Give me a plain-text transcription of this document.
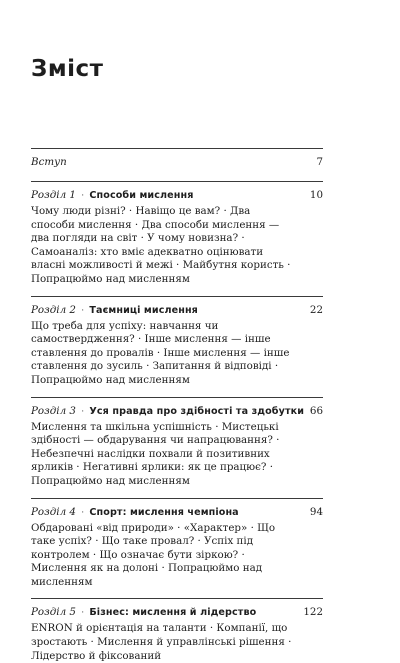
Зміст
Вступ	7
Розділ 1 · Способи мислення	10

Чому люди різні? · Навіщо це вам? · Два способи мислення · Два способи мислення — два погляди на світ · У чому новизна? · Самоаналіз: хто вміє адекватно оцінювати власні можливості й межі · Майбутня користь · Попрацюймо над мисленням

Розділ 2 · Таємниці мислення	22

Що треба для успіху: навчання чи самоствердження? · Інше мислення — інше ставлення до провалів · Інше мислення — інше ставлення до зусиль · Запитання й відповіді · Попрацюймо над мисленням

Розділ 3 · Уся правда про здібності та здобутки 66

Мислення та шкільна успішність · Мистецькі здібності — обдарування чи напрацювання? · Небезпечні наслідки похвали й позитивних ярликів · Негативні ярлики: як це працює? · Попрацюймо над мисленням

Розділ 4 · Спорт: мислення чемпіона	94

Обдаровані «від природи» · «Характер» · Що таке успіх? · Що таке провал? · Успіх під контролем · Що означає бути зіркою? · Мислення як на долоні · Попрацюймо над мисленням

Розділ 5 · Бізнес: мислення й лідерство	122

ENRON й орієнтація на таланти · Компанії, що зростають · Мислення й управлінські рішення · Лідерство й фіксований
